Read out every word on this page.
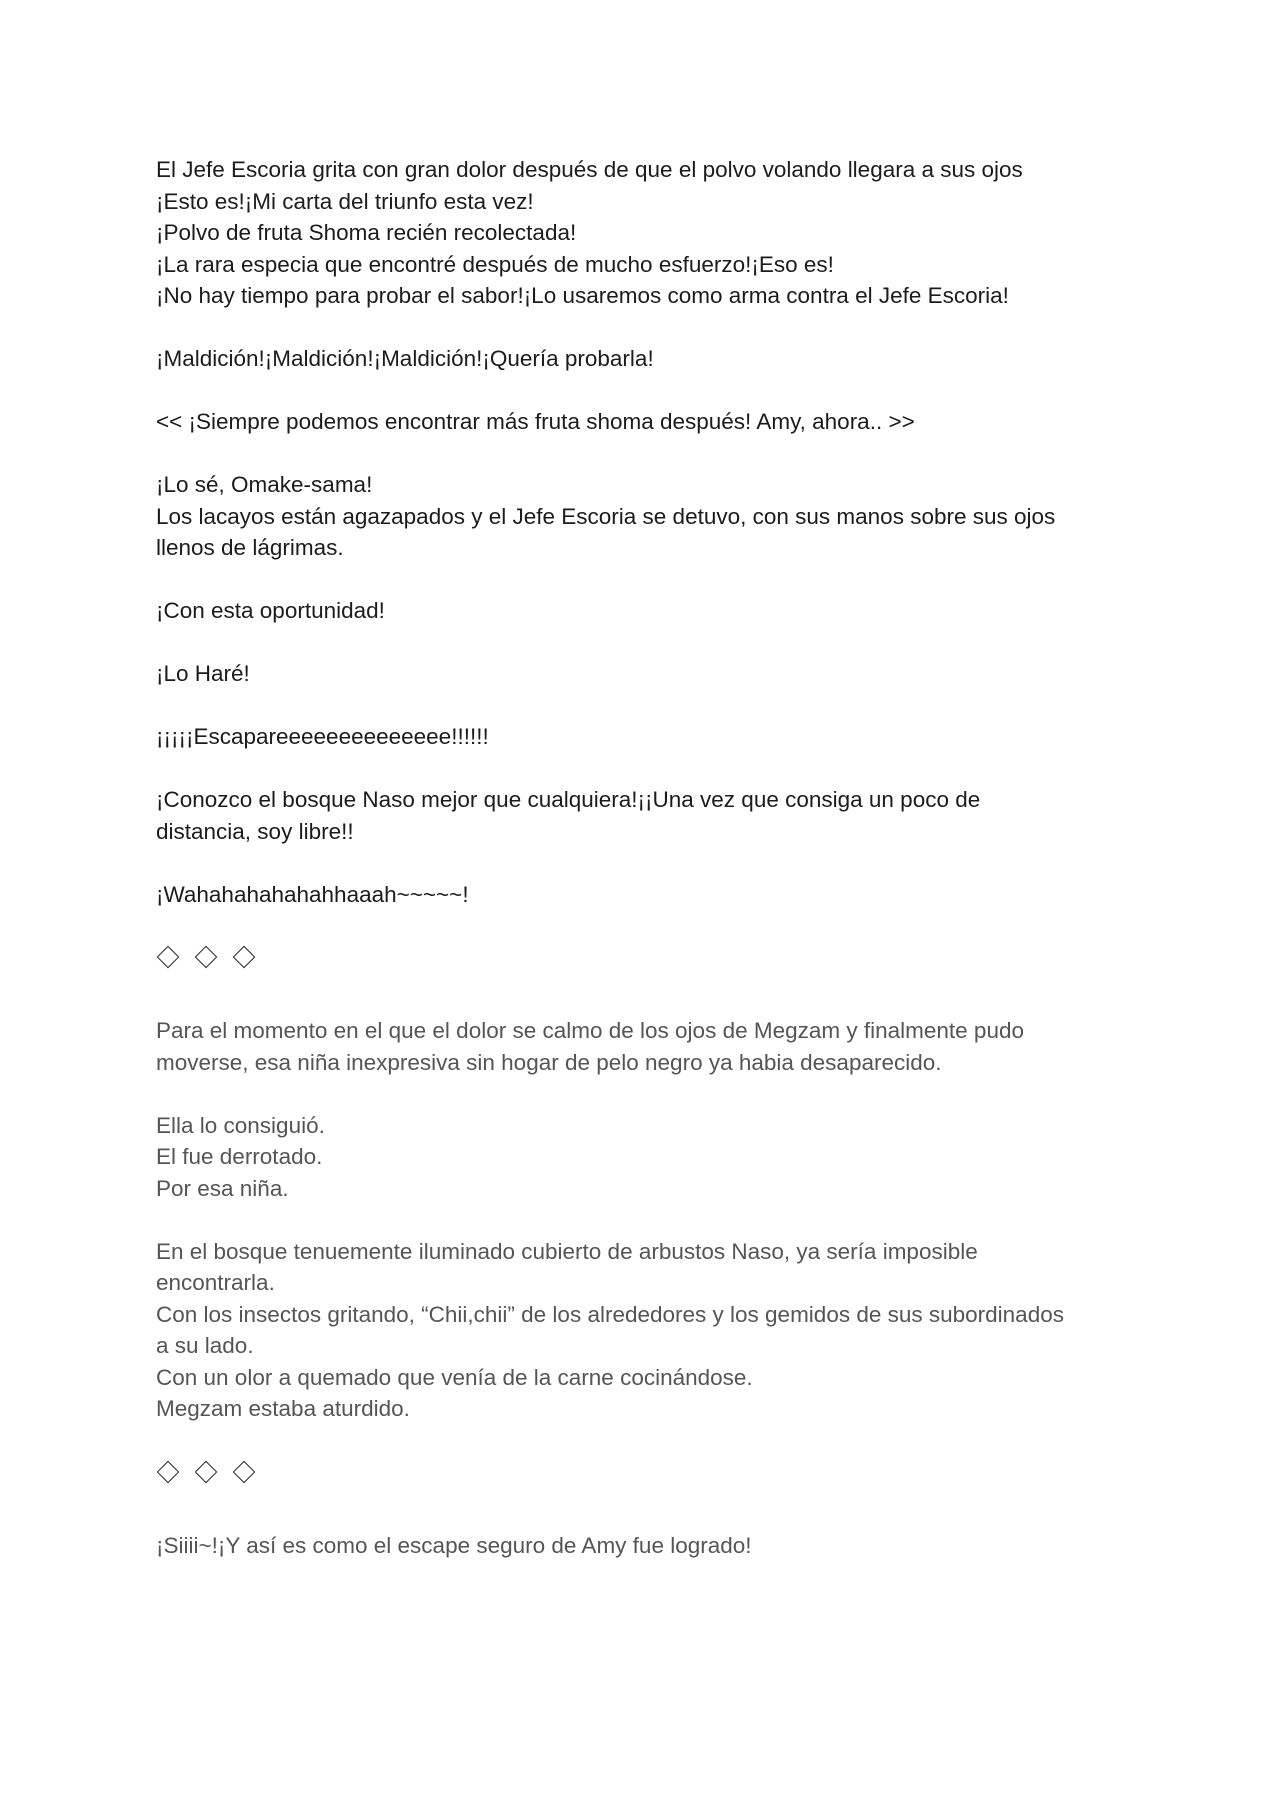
El Jefe Escoria grita con gran dolor después de que el polvo volando llegara a sus ojos
¡Esto es!¡Mi carta del triunfo esta vez!
¡Polvo de fruta Shoma recién recolectada!
¡La rara especia que encontré después de mucho esfuerzo!¡Eso es!
¡No hay tiempo para probar el sabor!¡Lo usaremos como arma contra el Jefe Escoria!
¡Maldición!¡Maldición!¡Maldición!¡Quería probarla!
<< ¡Siempre podemos encontrar más fruta shoma después! Amy, ahora.. >>
¡Lo sé, Omake-sama!
Los lacayos están agazapados y el Jefe Escoria se detuvo, con sus manos sobre sus ojos
llenos de lágrimas.
¡Con esta oportunidad!
¡Lo Haré!
¡¡¡¡¡Escapareeeeeeeeeeeeee!!!!!!
¡Conozco el bosque Naso mejor que cualquiera!¡¡Una vez que consiga un poco de
distancia, soy libre!!
¡Wahahahahahahhaaah~~~~~!
Para el momento en el que el dolor se calmo de los ojos de Megzam y finalmente pudo
moverse, esa niña inexpresiva sin hogar de pelo negro ya habia desaparecido.
Ella lo consiguió.
El fue derrotado.
Por esa niña.
En el bosque tenuemente iluminado cubierto de arbustos Naso, ya sería imposible
encontrarla.
Con los insectos gritando, “Chii,chii” de los alrededores y los gemidos de sus subordinados
a su lado.
Con un olor a quemado que venía de la carne cocinándose.
Megzam estaba aturdido.
¡Siiii~!¡Y así es como el escape seguro de Amy fue logrado!
